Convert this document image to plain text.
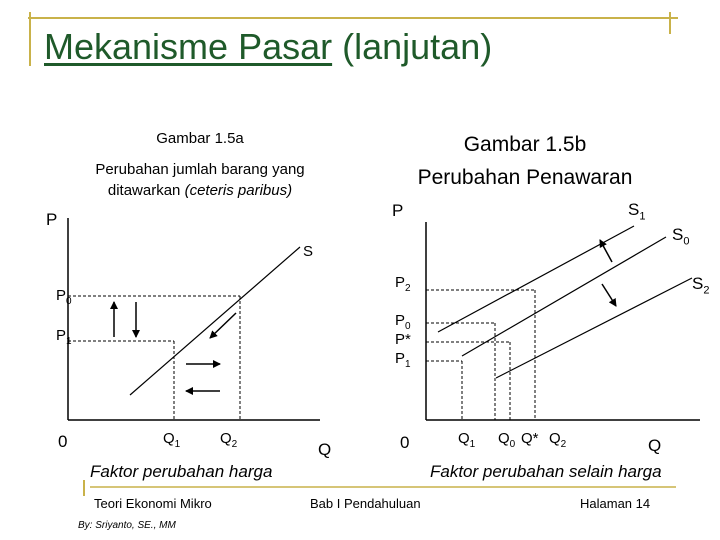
Mekanisme Pasar (lanjutan)
Gambar 1.5a
Perubahan jumlah barang yang
ditawarkan (ceteris paribus)
P
S
$P_0$
$P_1$
0	$Q_1$	$Q_2$	Q
Faktor perubahan harga
Gambar 1.5b
Perubahan Penawaran
P	$S_1$
$S_0$
$S_2$
$P_2$
$P_0$
P*
$P_1$
0	$Q_1$ $Q_0$ Q* $Q_2$	Q
Faktor perubahan selain harga
Teori Ekonomi Mikro	Bab I Pendahuluan	Halaman 14
By: Sriyanto, SE., MM
